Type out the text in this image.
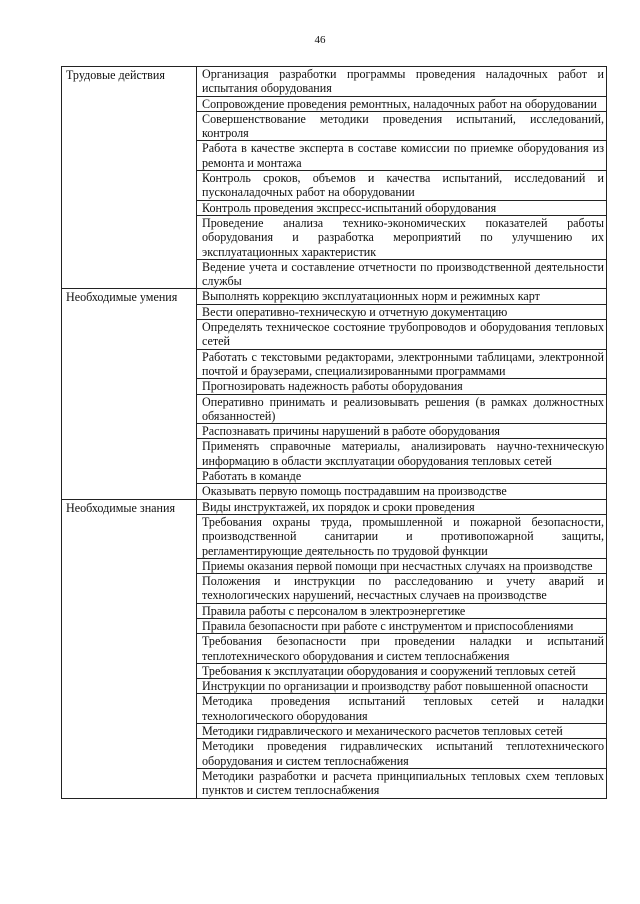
46
Трудовые действия	Организация разработки программы проведения наладочных работ и испытания оборудования

	Сопровождение проведения ремонтных, наладочных работ на оборудовании

	Совершенствование методики проведения испытаний, исследований, контроля

	Работа в качестве эксперта в составе комиссии по приемке оборудования из ремонта и монтажа

	Контроль сроков, объемов и качества испытаний, исследований и пусконаладочных работ на оборудовании

	Контроль проведения экспресс-испытаний оборудования

	Проведение анализа технико-экономических показателей работы оборудования и разработка мероприятий по улучшению их эксплуатационных характеристик

	Ведение учета и составление отчетности по производственной деятельности службы

Необходимые умения	Выполнять коррекцию эксплуатационных норм и режимных карт

	Вести оперативно-техническую и отчетную документацию

	Определять техническое состояние трубопроводов и оборудования тепловых сетей

	Работать с текстовыми редакторами, электронными таблицами, электронной почтой и браузерами, специализированными программами

	Прогнозировать надежность работы оборудования

	Оперативно принимать и реализовывать решения (в рамках должностных обязанностей)

	Распознавать причины нарушений в работе оборудования

	Применять справочные материалы, анализировать научно-техническую информацию в области эксплуатации оборудования тепловых сетей

	Работать в команде

	Оказывать первую помощь пострадавшим на производстве

Необходимые знания	Виды инструктажей, их порядок и сроки проведения

	Требования охраны труда, промышленной и пожарной безопасности, производственной санитарии и противопожарной защиты, регламентирующие деятельность по трудовой функции

	Приемы оказания первой помощи при несчастных случаях на производстве

	Положения и инструкции по расследованию и учету аварий и технологических нарушений, несчастных случаев на производстве

	Правила работы с персоналом в электроэнергетике

	Правила безопасности при работе с инструментом и приспособлениями

	Требования безопасности при проведении наладки и испытаний теплотехнического оборудования и систем теплоснабжения

	Требования к эксплуатации оборудования и сооружений тепловых сетей

	Инструкции по организации и производству работ повышенной опасности

	Методика проведения испытаний тепловых сетей и наладки технологического оборудования

	Методики гидравлического и механического расчетов тепловых сетей

	Методики проведения гидравлических испытаний теплотехнического оборудования и систем теплоснабжения

	Методики разработки и расчета принципиальных тепловых схем тепловых пунктов и систем теплоснабжения
